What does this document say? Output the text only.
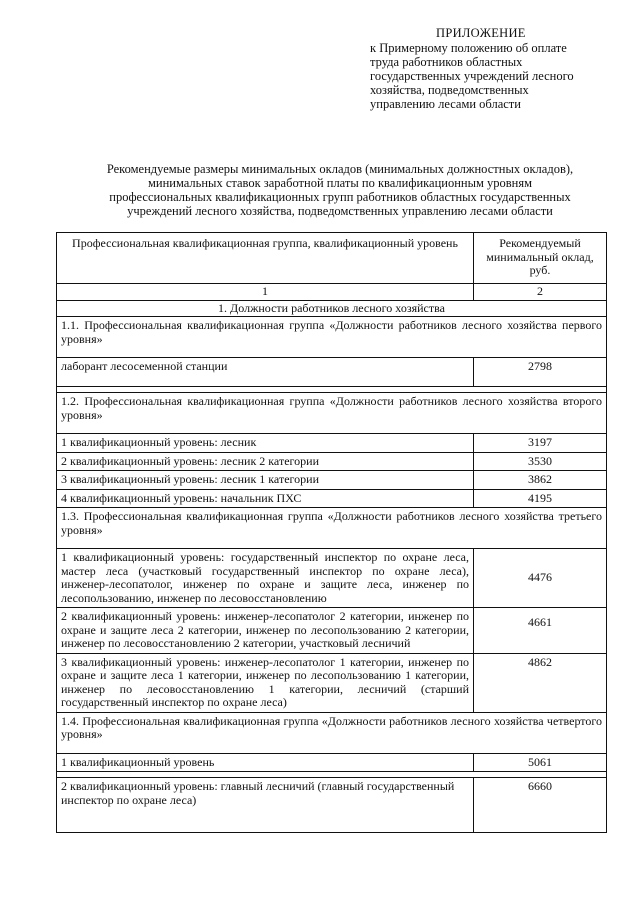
ПРИЛОЖЕНИЕ
к Примерному положению об оплате
труда работников областных
государственных учреждений лесного
хозяйства, подведомственных
управлению лесами области
Рекомендуемые размеры минимальных окладов (минимальных должностных окладов),
минимальных ставок заработной платы по квалификационным уровням
профессиональных квалификационных групп работников областных государственных
учреждений лесного хозяйства, подведомственных управлению лесами области
Профессиональная квалификационная группа, квалификационный уровень	Рекомендуемый минимальный оклад, руб.
1	2
1. Должности работников лесного хозяйства	
1.1. Профессиональная квалификационная группа «Должности работников лесного хозяйства первого уровня»	
лаборант лесосеменной станции	2798

1.2. Профессиональная квалификационная группа «Должности работников лесного хозяйства второго уровня»	
1 квалификационный уровень: лесник	3197
2 квалификационный уровень: лесник 2 категории	3530
3 квалификационный уровень: лесник 1 категории	3862
4 квалификационный уровень: начальник ПХС	4195
1.3. Профессиональная квалификационная группа «Должности работников лесного хозяйства третьего уровня»	
1 квалификационный уровень: государственный инспектор по охране леса, мастер леса (участковый государственный инспектор по охране леса), инженер-лесопатолог, инженер по охране и защите леса, инженер по лесопользованию, инженер по лесовосстановлению	4476
2 квалификационный уровень: инженер-лесопатолог 2 категории, инженер по охране и защите леса 2 категории, инженер по лесопользованию 2 категории, инженер по лесовосстановлению 2 категории, участковый лесничий	4661
3 квалификационный уровень: инженер-лесопатолог 1 категории, инженер по охране и защите леса 1 категории, инженер по лесопользованию 1 категории, инженер по лесовосстановлению 1 категории, лесничий (старший государственный инспектор по охране леса)	4862
1.4. Профессиональная квалификационная группа «Должности работников лесного хозяйства четвертого уровня»	
1 квалификационный уровень	5061

2 квалификационный уровень: главный лесничий (главный государственный инспектор по охране леса)	6660
